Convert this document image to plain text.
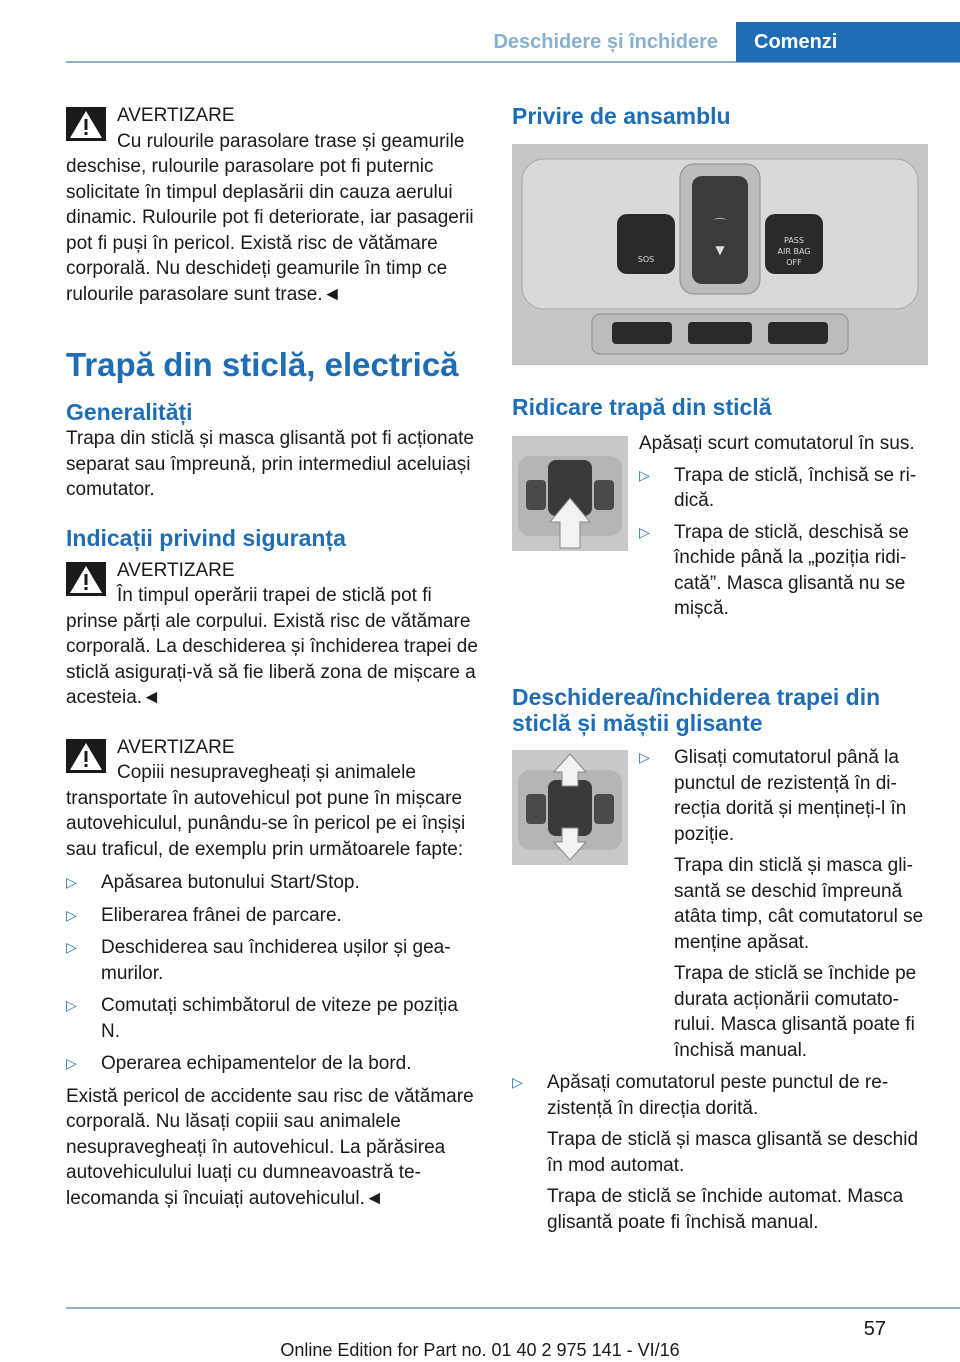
Deschidere și închidere	Comenzi

AVERTIZARE

Cu rulourile parasolare trase și geamurile

deschise, rulourile parasolare pot fi puternic solicitate în timpul deplasării din cauza aerului dinamic. Rulourile pot fi deteriorate, iar pasagerii pot fi puși în pericol. Există risc de vătămare corporală. Nu deschideți geamurile în timp ce rulourile parasolare sunt trase.◄

Trapă din sticlă, electrică
Generalități

Trapa din sticlă și masca glisantă pot fi acționate separat sau împreună, prin intermediul aceluiași comutator.

Indicații privind siguranța

AVERTIZARE

În timpul operării trapei de sticlă pot fi

prinse părți ale corpului. Există risc de vătămare corporală. La deschiderea și închiderea trapei de sticlă asigurați-vă să fie liberă zona de mișcare a acesteia.◄

AVERTIZARE

Copiii nesupravegheați și animalele

transportate în autovehicul pot pune în mișcare autovehiculul, punându-se în pericol pe ei înșiși sau traficul, de exemplu prin următoarele fapte:

▷ Apăsarea butonului Start/Stop.
▷ Eliberarea frânei de parcare.
▷ Deschiderea sau închiderea ușilor și geamurilor.
▷ Comutați schimbătorul de viteze pe poziția N.
▷ Operarea echipamentelor de la bord.

Există pericol de accidente sau risc de vătămare corporală. Nu lăsați copiii sau animalele nesupravegheați în autovehicul. La părăsirea autovehiculului luați cu dumneavoastră telecomanda și încuiați autovehiculul.◄

Privire de ansamblu
⌒
▼
SOS
PASS
AIR BAG
OFF
Ridicare trapă din sticlă

Apăsați scurt comutatorul în sus.

▷ Trapa de sticlă, închisă se ridică.
▷ Trapa de sticlă, deschisă se închide până la „poziția ridicată”. Masca glisantă nu se mișcă.
Deschiderea/închiderea trapei din sticlă și măștii glisante
▷ Glisați comutatorul până la punctul de rezistență în direcția dorită și mențineți-l în poziție.

Trapa din sticlă și masca glisantă se deschid împreună atâta timp, cât comutatorul se menține apăsat.

Trapa de sticlă se închide pe durata acționării comutatorului. Masca glisantă poate fi închisă manual.

▷ Apăsați comutatorul peste punctul de rezistență în direcția dorită.

Trapa de sticlă și masca glisantă se deschid în mod automat.

Trapa de sticlă se închide automat. Masca glisantă poate fi închisă manual.

57
Online Edition for Part no. 01 40 2 975 141 - VI/16
